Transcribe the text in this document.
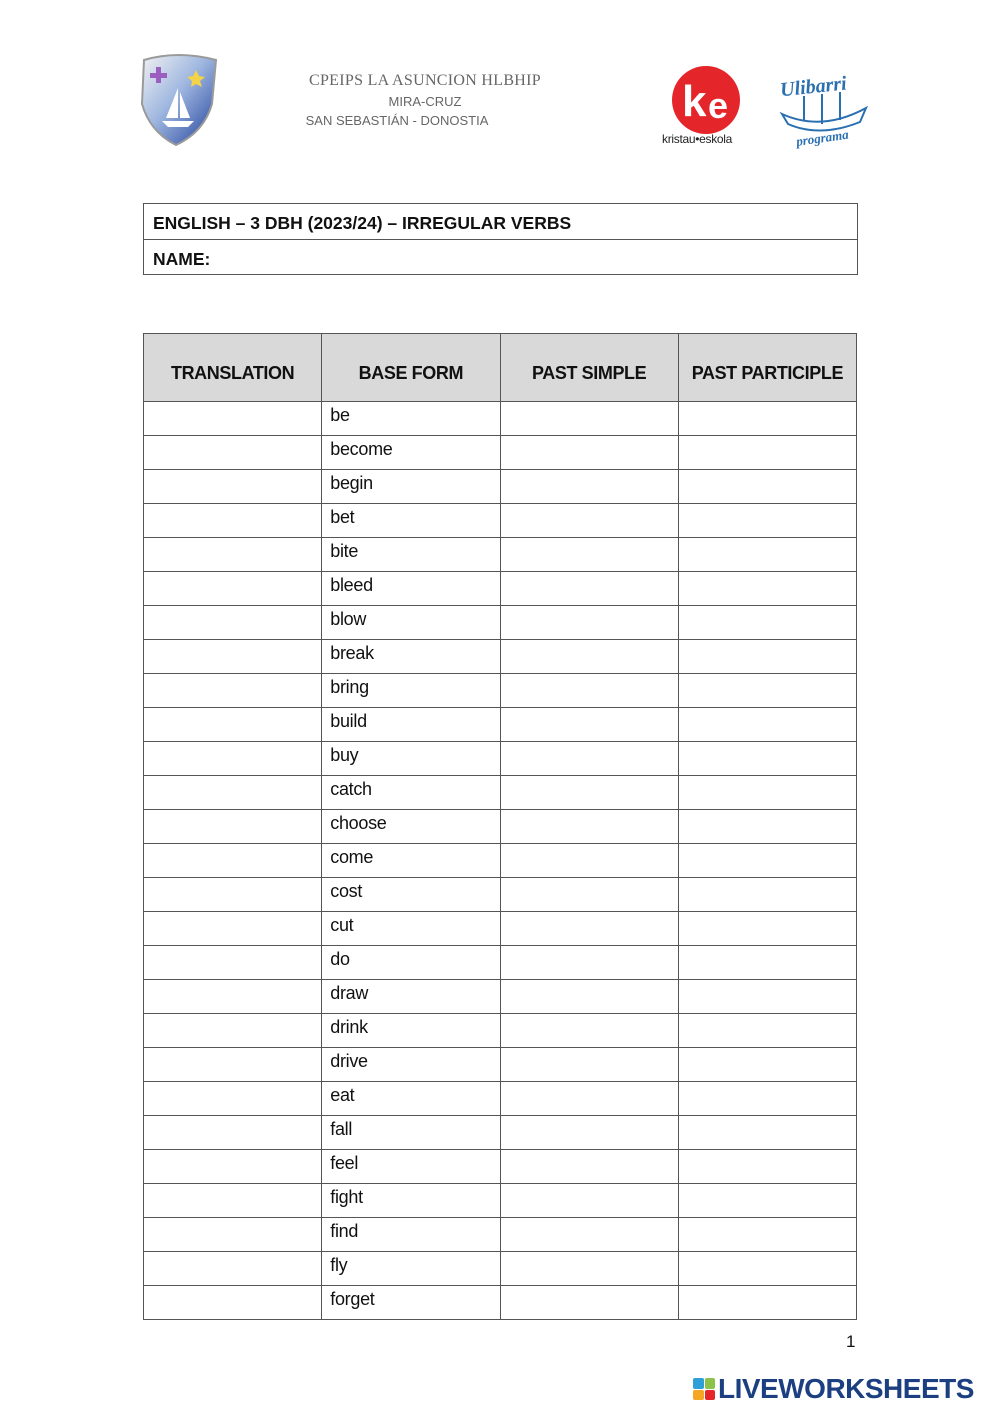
CPEIPS LA ASUNCION HLBHIP
MIRA-CRUZ
SAN SEBASTIÁN - DONOSTIA	k e
kristau•eskola
Ulibarri
programa
ENGLISH – 3 DBH (2023/24) – IRREGULAR VERBS
NAME:
TRANSLATION	BASE FORM	PAST SIMPLE	PAST PARTICIPLE
	be		
	become		
	begin		
	bet		
	bite		
	bleed		
	blow		
	break		
	bring		
	build		
	buy		
	catch		
	choose		
	come		
	cost		
	cut		
	do		
	draw		
	drink		
	drive		
	eat		
	fall		
	feel		
	fight		
	find		
	fly		
	forget		
1
LIVEWORKSHEETS
